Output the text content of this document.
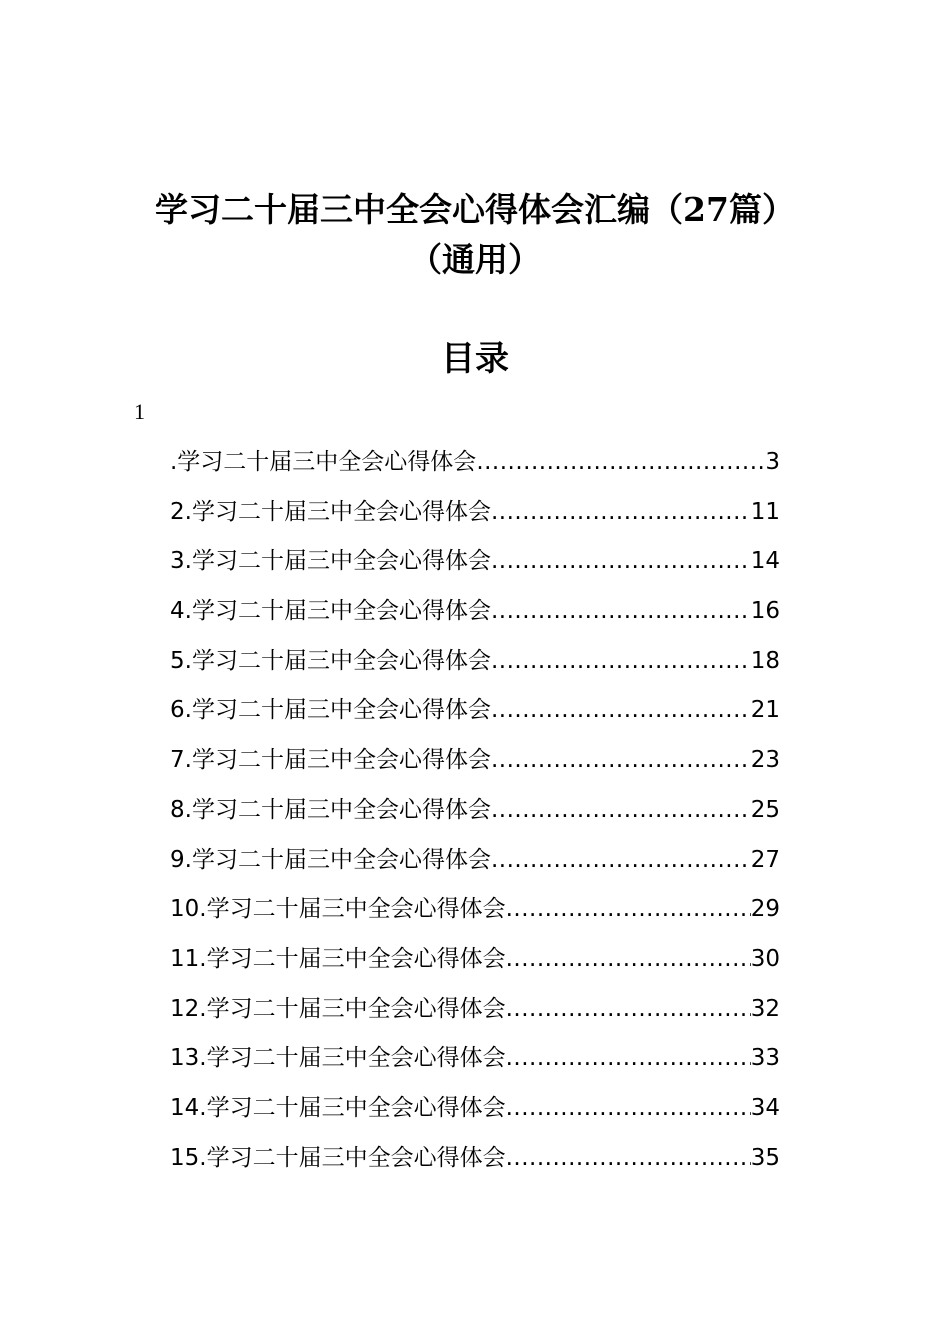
学习二十届三中全会心得体会汇编（27篇）
（通用）
目录
1
.学习二十届三中全会心得体会 .....	3
2.学习二十届三中全会心得体会 .....	11
3.学习二十届三中全会心得体会 .....	14
4.学习二十届三中全会心得体会 .....	16
5.学习二十届三中全会心得体会 .....	18
6.学习二十届三中全会心得体会 .....	21
7.学习二十届三中全会心得体会 .....	23
8.学习二十届三中全会心得体会 .....	25
9.学习二十届三中全会心得体会 .....	27
10.学习二十届三中全会心得体会 .....	29
11.学习二十届三中全会心得体会 .....	30
12.学习二十届三中全会心得体会 .....	32
13.学习二十届三中全会心得体会 .....	33
14.学习二十届三中全会心得体会 .....	34
15.学习二十届三中全会心得体会 .....	35
